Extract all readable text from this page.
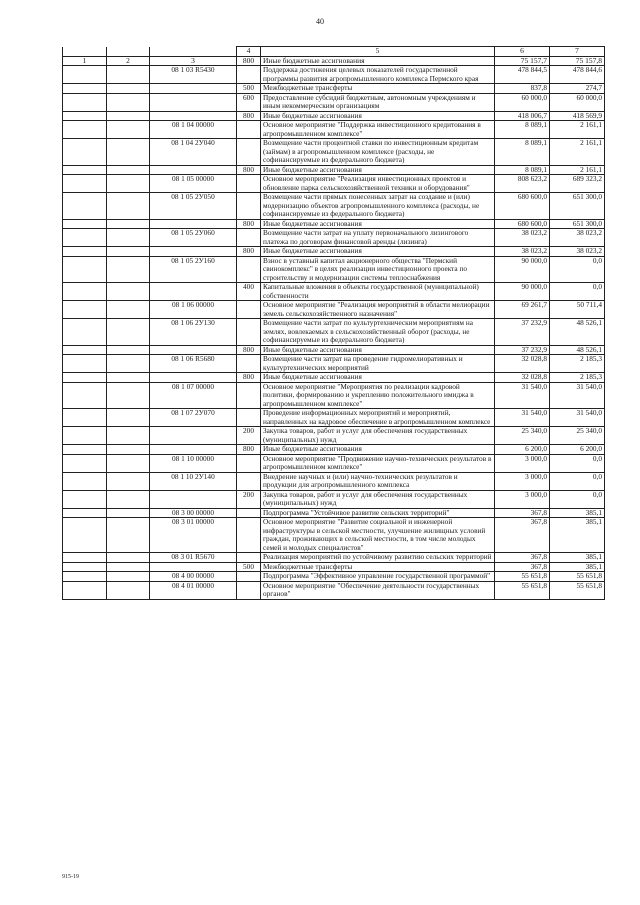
40
			4	5	6	7
1	2	3	800	Иные бюджетные ассигнования	75 157,7	75 157,8
		08 1 03 R5430		Поддержка достижения целевых показателей государственной программы развития агропромышленного комплекса Пермского края	478 844,5	478 844,6
			500	Межбюджетные трансферты	837,8	274,7
			600	Предоставление субсидий бюджетным, автономным учреждениям и иным некоммерческим организациям	60 000,0	60 000,0
			800	Иные бюджетные ассигнования	418 006,7	418 569,9
		08 1 04 00000		Основное мероприятие "Поддержка инвестиционного кредитования в агропромышленном комплексе"	8 089,1	2 161,1
		08 1 04 2У040		Возмещение части процентной ставки по инвестиционным кредитам (займам) в агропромышленном комплексе (расходы, не софинансируемые из федерального бюджета)	8 089,1	2 161,1
			800	Иные бюджетные ассигнования	8 089,1	2 161,1
		08 1 05 00000		Основное мероприятие "Реализация инвестиционных проектов и обновление парка сельскохозяйственной техники и оборудования"	808 623,2	689 323,2
		08 1 05 2У050		Возмещение части прямых понесенных затрат на создание и (или) модернизацию объектов агропромышленного комплекса (расходы, не софинансируемые из федерального бюджета)	680 600,0	651 300,0
			800	Иные бюджетные ассигнования	680 600,0	651 300,0
		08 1 05 2У060		Возмещение части затрат на уплату первоначального лизингового платежа по договорам финансовой аренды (лизинга)	38 023,2	38 023,2
			800	Иные бюджетные ассигнования	38 023,2	38 023,2
		08 1 05 2У160		Взнос в уставный капитал акционерного общества "Пермский свинокомплекс" в целях реализации инвестиционного проекта по строительству и модернизации системы теплоснабжения	90 000,0	0,0
			400	Капитальные вложения в объекты государственной (муниципальной) собственности	90 000,0	0,0
		08 1 06 00000		Основное мероприятие "Реализация мероприятий в области мелиорации земель сельскохозяйственного назначения"	69 261,7	50 711,4
		08 1 06 2У130		Возмещение части затрат по культуртехническим мероприятиям на землях, вовлекаемых в сельскохозяйственный оборот (расходы, не софинансируемые из федерального бюджета)	37 232,9	48 526,1
			800	Иные бюджетные ассигнования	37 232,9	48 526,1
		08 1 06 R5680		Возмещение части затрат на проведение гидромелиоративных и культуртехнических мероприятий	32 028,8	2 185,3
			800	Иные бюджетные ассигнования	32 028,8	2 185,3
		08 1 07 00000		Основное мероприятие "Мероприятия по реализации кадровой политики, формированию и укреплению положительного имиджа в агропромышленном комплексе"	31 540,0	31 540,0
		08 1 07 2У070		Проведение информационных мероприятий и мероприятий, направленных на кадровое обеспечение в агропромышленном комплексе	31 540,0	31 540,0
			200	Закупка товаров, работ и услуг для обеспечения государственных (муниципальных) нужд	25 340,0	25 340,0
			800	Иные бюджетные ассигнования	6 200,0	6 200,0
		08 1 10 00000		Основное мероприятие "Продвижение научно-технических результатов в агропромышленном комплексе"	3 000,0	0,0
		08 1 10 2У140		Внедрение научных и (или) научно-технических результатов и продукции для агропромышленного комплекса	3 000,0	0,0
			200	Закупка товаров, работ и услуг для обеспечения государственных (муниципальных) нужд	3 000,0	0,0
		08 3 00 00000		Подпрограмма "Устойчивое развитие сельских территорий"	367,8	385,1
		08 3 01 00000		Основное мероприятие "Развитие социальной и инженерной инфраструктуры в сельской местности, улучшение жилищных условий граждан, проживающих в сельской местности, в том числе молодых семей и молодых специалистов"	367,8	385,1
		08 3 01 R5670		Реализация мероприятий по устойчивому развитию сельских территорий	367,8	385,1
			500	Межбюджетные трансферты	367,8	385,1
		08 4 00 00000		Подпрограмма "Эффективное управление государственной программой"	55 651,8	55 651,8
		08 4 01 00000		Основное мероприятие "Обеспечение деятельности государственных органов"	55 651,8	55 651,8
915-19
